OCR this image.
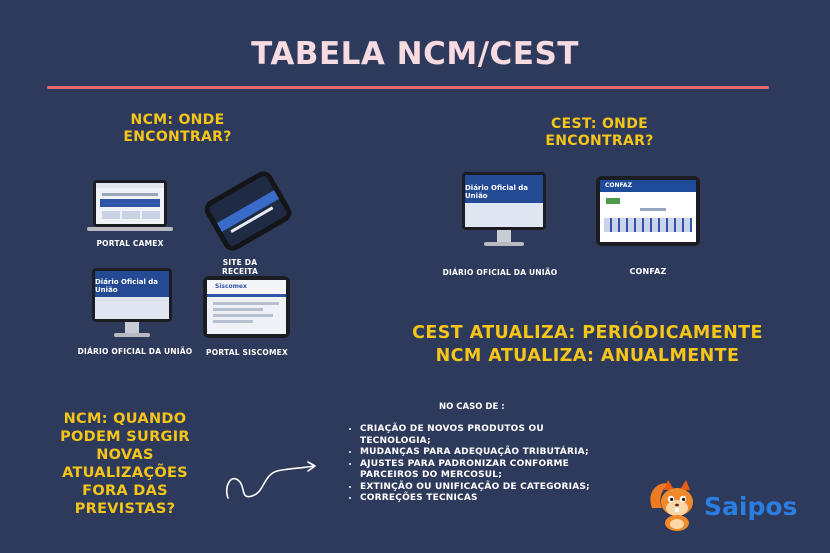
TABELA NCM/CEST
NCM: ONDE
ENCONTRAR?
PORTAL CAMEX
SITE DA RECEITA
Diário Oficial da União
DIÁRIO OFICIAL DA UNIÃO
Siscomex
PORTAL SISCOMEX
CEST: ONDE
ENCONTRAR?
Diário Oficial da União
DIÁRIO OFICIAL DA UNIÃO
CONFAZ
CONFAZ
CEST ATUALIZA: PERIÓDICAMENTE
NCM ATUALIZA: ANUALMENTE
NCM: QUANDO
PODEM SURGIR
NOVAS
ATUALIZAÇÕES
FORA DAS
PREVISTAS?
NO CASO DE :
• CRIAÇÃO DE NOVOS PRODUTOS OU TECNOLOGIA;
• MUDANÇAS PARA ADEQUAÇÃO TRIBUTÁRIA;
• AJUSTES PARA PADRONIZAR CONFORME PARCEIROS DO MERCOSUL;
• EXTINÇÃO OU UNIFICAÇÃO DE CATEGORIAS;
• CORREÇÕES TECNICAS	Saipos
